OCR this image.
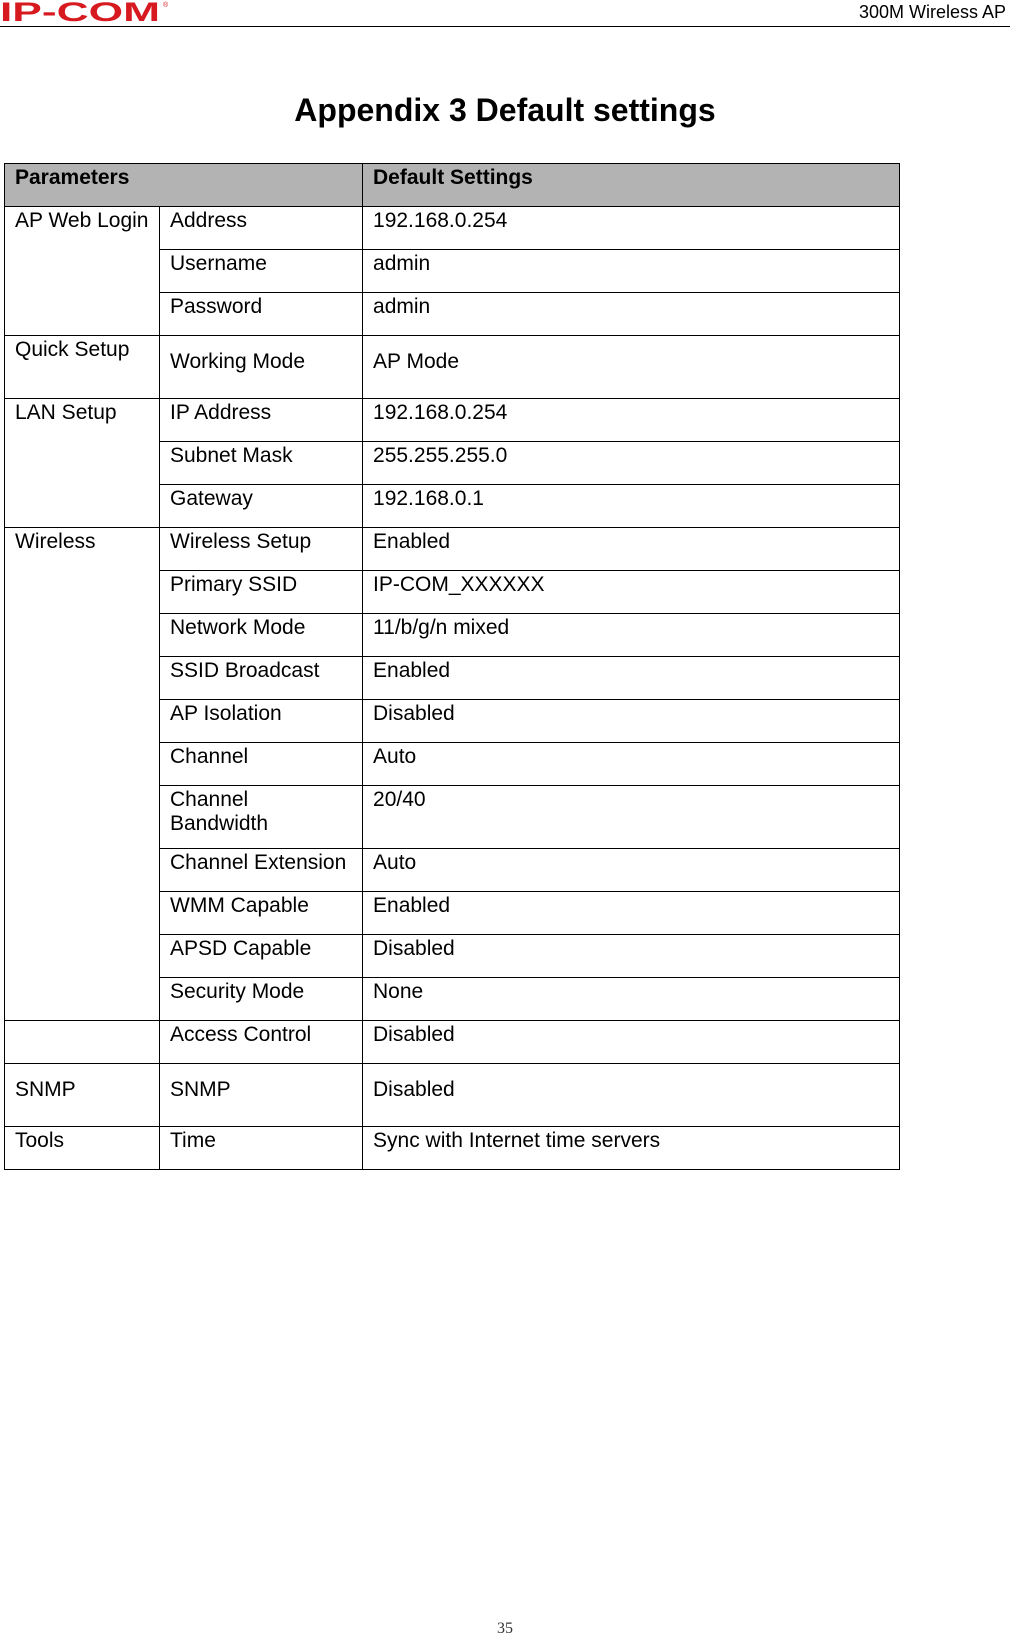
IP-COM ®	300M Wireless AP
Appendix 3 Default settings
Parameters		Default Settings
AP Web Login	Address	192.168.0.254
	Username	admin
	Password	admin
Quick Setup	Working Mode	AP Mode
LAN Setup	IP Address	192.168.0.254
	Subnet Mask	255.255.255.0
	Gateway	192.168.0.1
Wireless	Wireless Setup	Enabled
	Primary SSID	IP-COM_XXXXXX
	Network Mode	11/b/g/n mixed
	SSID Broadcast	Enabled
	AP Isolation	Disabled
	Channel	Auto
	Channel Bandwidth	20/40
	Channel Extension	Auto
	WMM Capable	Enabled
	APSD Capable	Disabled
	Security Mode	None
	Access Control	Disabled
SNMP	SNMP	Disabled
Tools	Time	Sync with Internet time servers
35
